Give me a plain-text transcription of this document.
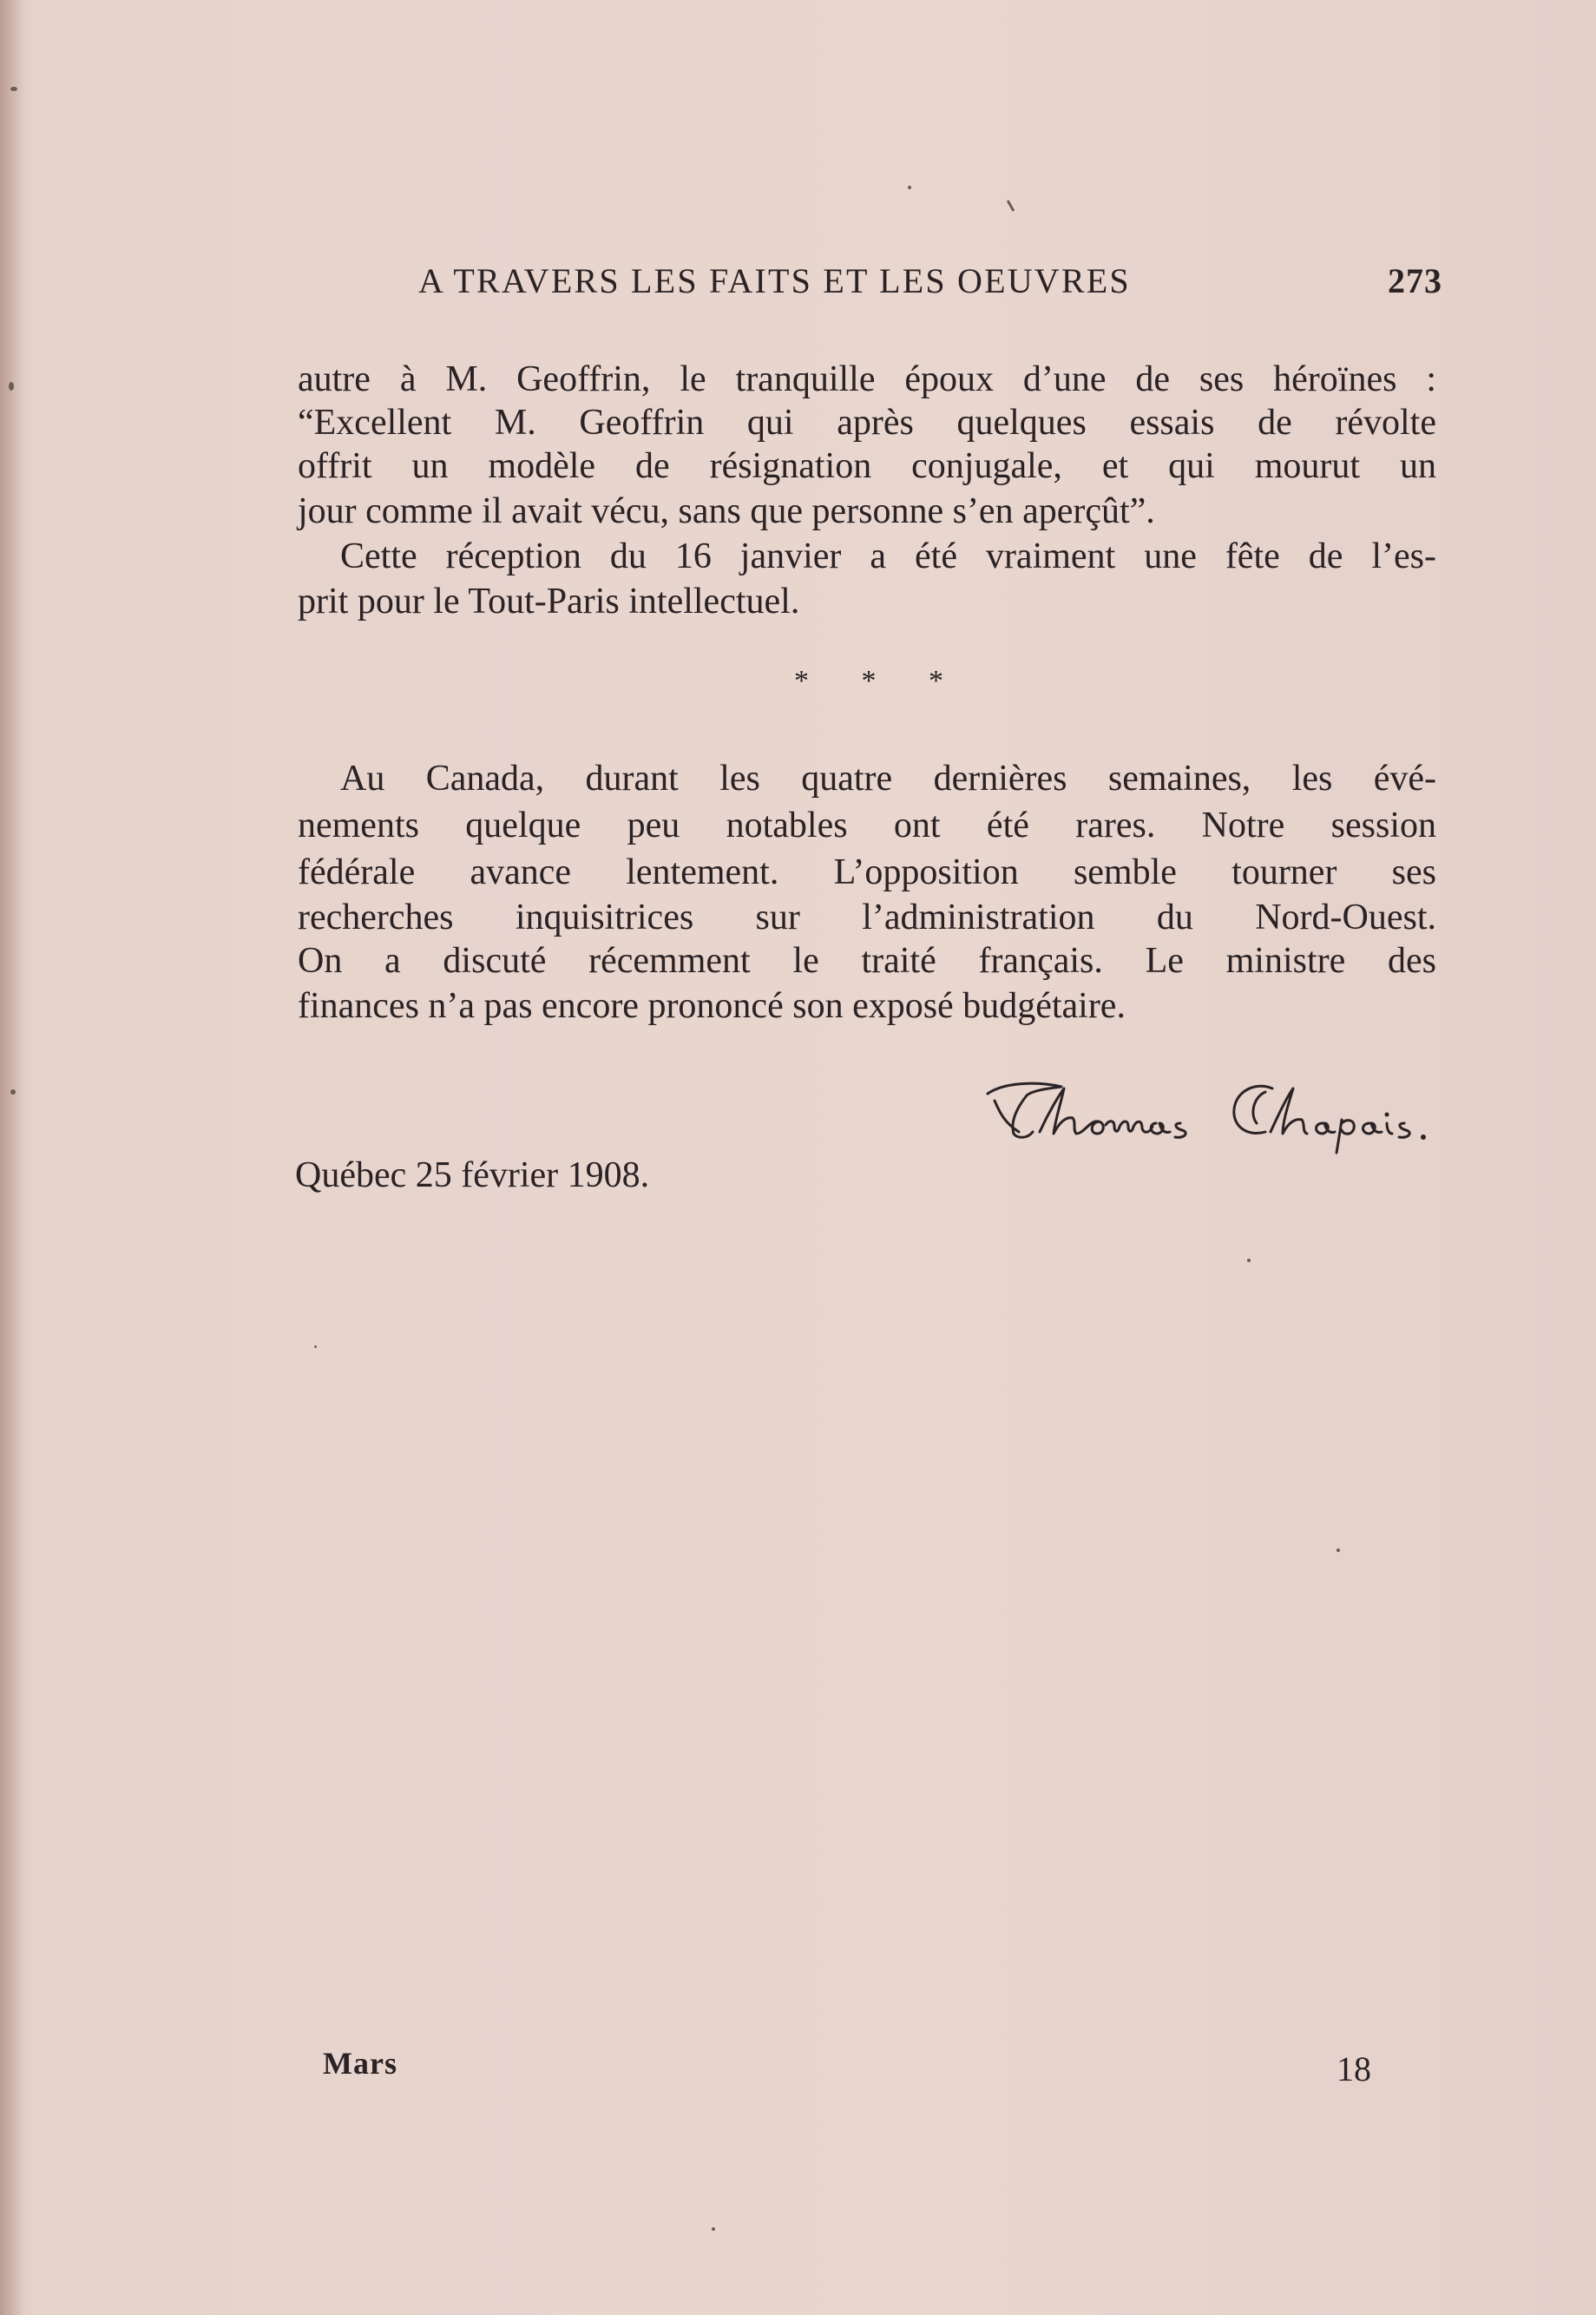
A TRAVERS LES FAITS ET LES OEUVRES	273
autre à M. Geoffrin, le tranquille époux d’une de ses héroïnes :
“Excellent M. Geoffrin qui après quelques essais de révolte
offrit un modèle de résignation conjugale, et qui mourut un
jour comme il avait vécu, sans que personne s’en aperçût”.
Cette réception du 16 janvier a été vraiment une fête de l’es-
prit pour le Tout-Paris intellectuel.
* * *
Au Canada, durant les quatre dernières semaines, les évé-
nements quelque peu notables ont été rares. Notre session
fédérale avance lentement. L’opposition semble tourner ses
recherches inquisitrices sur l’administration du Nord-Ouest.
On a discuté récemment le traité français. Le ministre des
finances n’a pas encore prononcé son exposé budgétaire.
Québec 25 février 1908.
Mars	18
